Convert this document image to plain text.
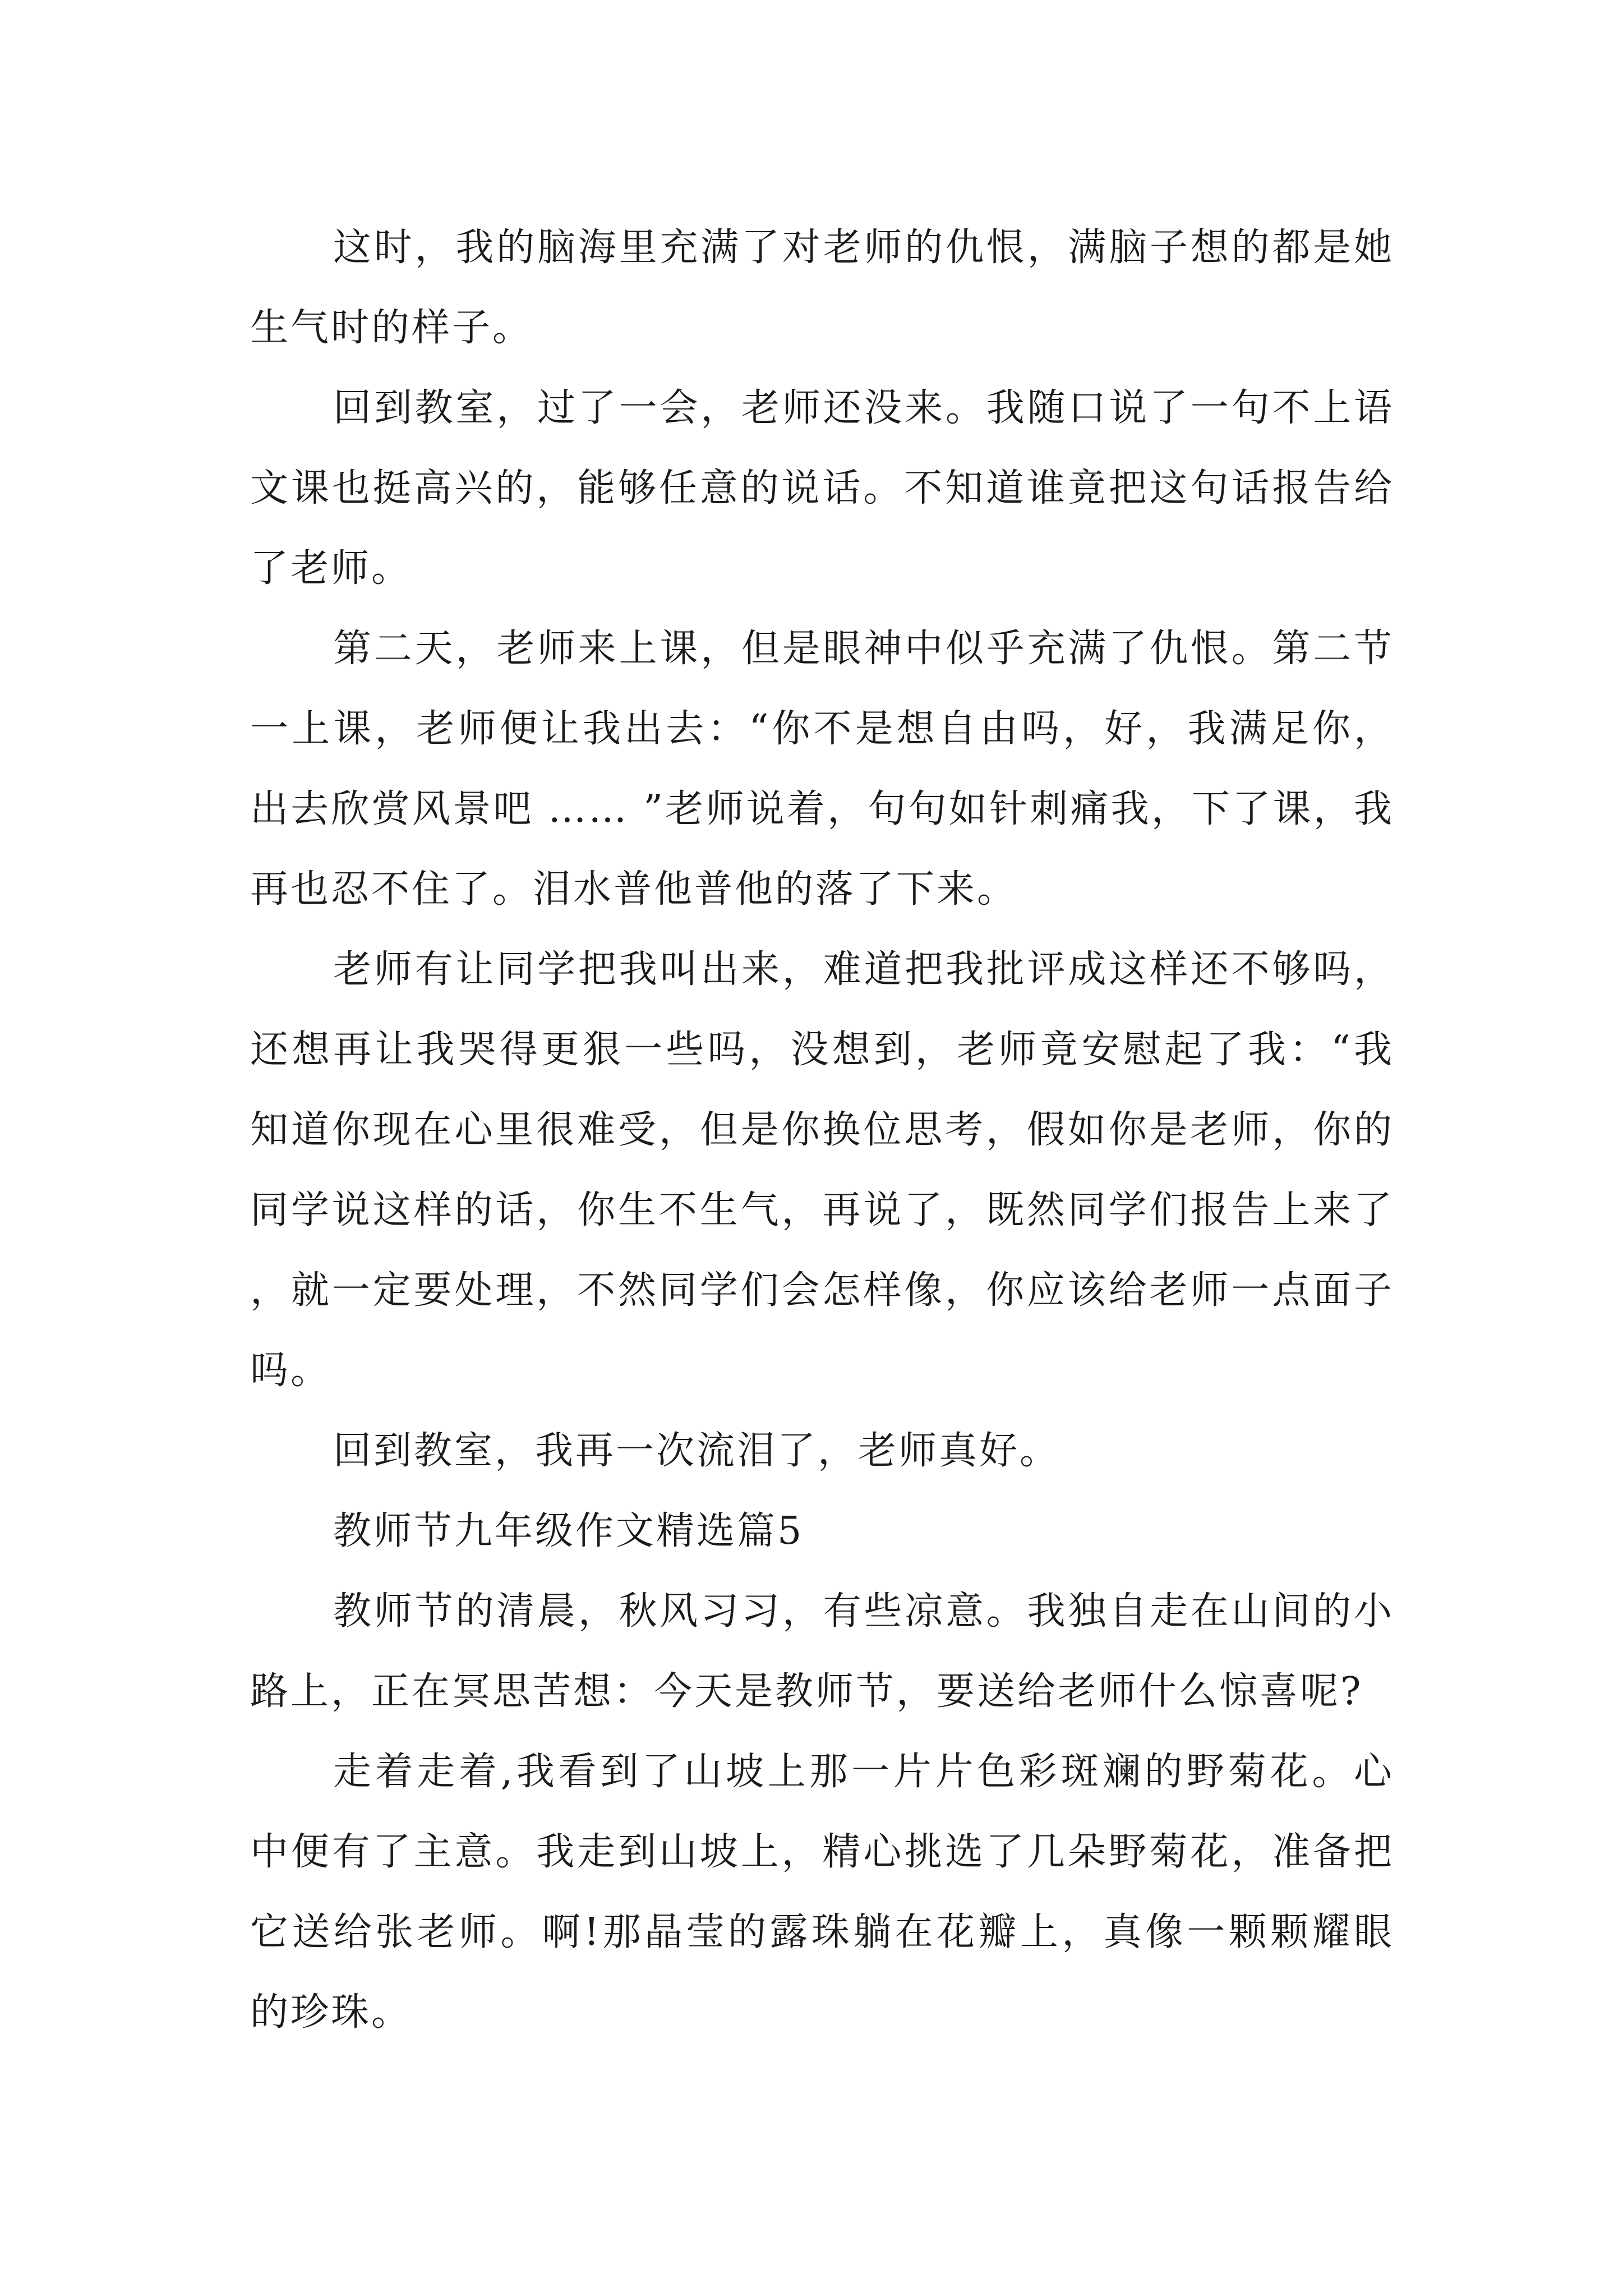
这时，我的脑海里充满了对老师的仇恨，满脑子想的都是她生气时的样子。

回到教室，过了一会，老师还没来。我随口说了一句不上语文课也挺高兴的，能够任意的说话。不知道谁竟把这句话报告给了老师。

第二天，老师来上课，但是眼神中似乎充满了仇恨。第二节一上课，老师便让我出去：“你不是想自由吗，好，我满足你，出去欣赏风景吧 …… ”老师说着，句句如针刺痛我，下了课，我再也忍不住了。泪水普他普他的落了下来。

老师有让同学把我叫出来，难道把我批评成这样还不够吗，还想再让我哭得更狠一些吗，没想到，老师竟安慰起了我：“我知道你现在心里很难受，但是你换位思考，假如你是老师，你的同学说这样的话，你生不生气，再说了，既然同学们报告上来了，就一定要处理，不然同学们会怎样像，你应该给老师一点面子吗。

回到教室，我再一次流泪了，老师真好。

教师节九年级作文精选篇5

教师节的清晨，秋风习习，有些凉意。我独自走在山间的小路上，正在冥思苦想：今天是教师节，要送给老师什么惊喜呢?

走着走着,我看到了山坡上那一片片色彩斑斓的野菊花。心中便有了主意。我走到山坡上，精心挑选了几朵野菊花，准备把它送给张老师。啊!那晶莹的露珠躺在花瓣上，真像一颗颗耀眼的珍珠。
